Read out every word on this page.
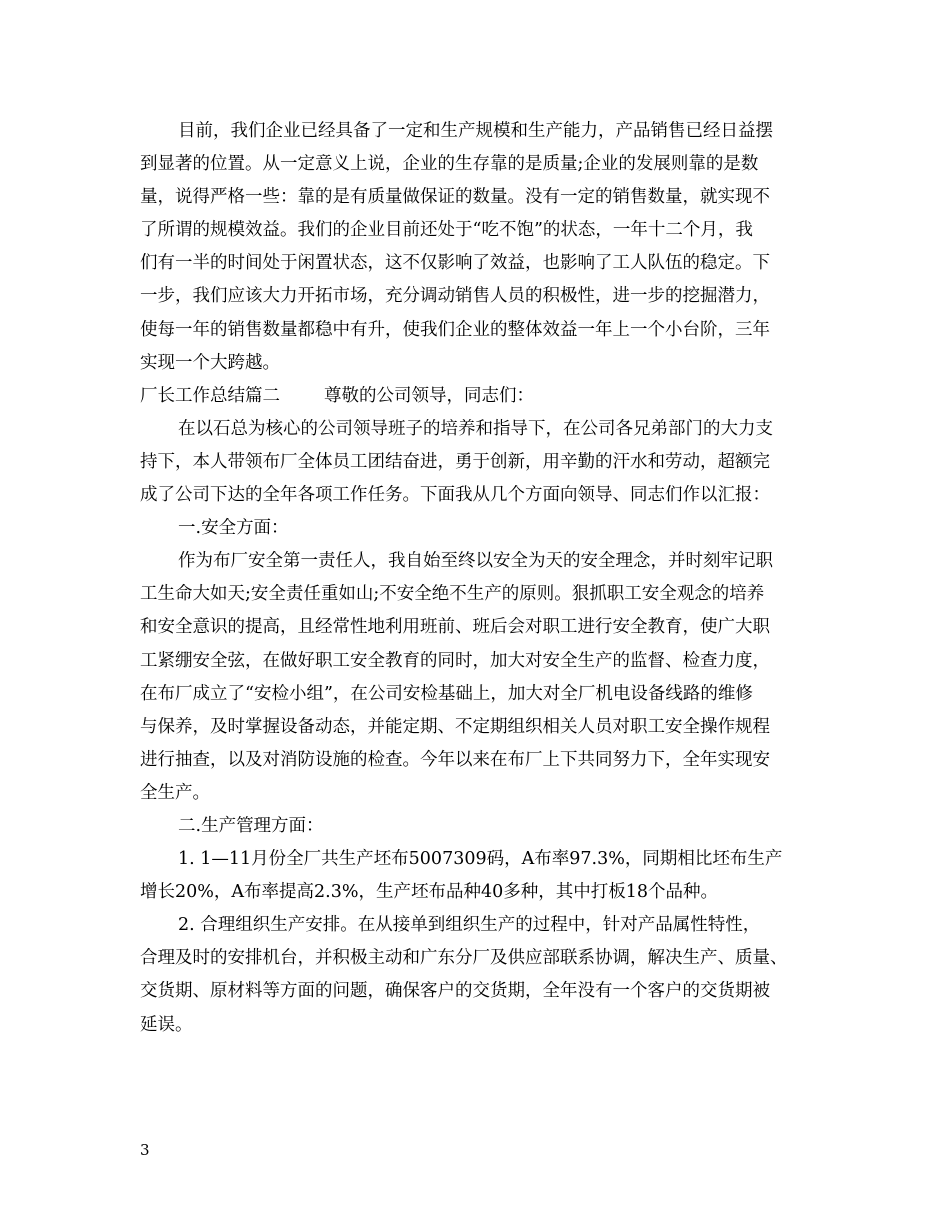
目前，我们企业已经具备了一定和生产规模和生产能力，产品销售已经日益摆
到显著的位置。从一定意义上说，企业的生存靠的是质量;企业的发展则靠的是数
量，说得严格一些：靠的是有质量做保证的数量。没有一定的销售数量，就实现不
了所谓的规模效益。我们的企业目前还处于“吃不饱”的状态，一年十二个月，我
们有一半的时间处于闲置状态，这不仅影响了效益，也影响了工人队伍的稳定。下
一步，我们应该大力开拓市场，充分调动销售人员的积极性，进一步的挖掘潜力，
使每一年的销售数量都稳中有升，使我们企业的整体效益一年上一个小台阶，三年
实现一个大跨越。
厂长工作总结篇二	尊敬的公司领导，同志们：
在以石总为核心的公司领导班子的培养和指导下，在公司各兄弟部门的大力支
持下，本人带领布厂全体员工团结奋进，勇于创新，用辛勤的汗水和劳动，超额完
成了公司下达的全年各项工作任务。下面我从几个方面向领导、同志们作以汇报：
一.安全方面：
作为布厂安全第一责任人，我自始至终以安全为天的安全理念，并时刻牢记职
工生命大如天;安全责任重如山;不安全绝不生产的原则。狠抓职工安全观念的培养
和安全意识的提高，且经常性地利用班前、班后会对职工进行安全教育，使广大职
工紧绷安全弦，在做好职工安全教育的同时，加大对安全生产的监督、检查力度，
在布厂成立了“安检小组”，在公司安检基础上，加大对全厂机电设备线路的维修
与保养，及时掌握设备动态，并能定期、不定期组织相关人员对职工安全操作规程
进行抽查，以及对消防设施的检查。今年以来在布厂上下共同努力下，全年实现安
全生产。
二.生产管理方面：
1. 1—11月份全厂共生产坯布5007309码，A布率97.3%，同期相比坯布生产
增长20%，A布率提高2.3%，生产坯布品种40多种，其中打板18个品种。
2. 合理组织生产安排。在从接单到组织生产的过程中，针对产品属性特性，
合理及时的安排机台，并积极主动和广东分厂及供应部联系协调，解决生产、质量、
交货期、原材料等方面的问题，确保客户的交货期，全年没有一个客户的交货期被
延误。
3
